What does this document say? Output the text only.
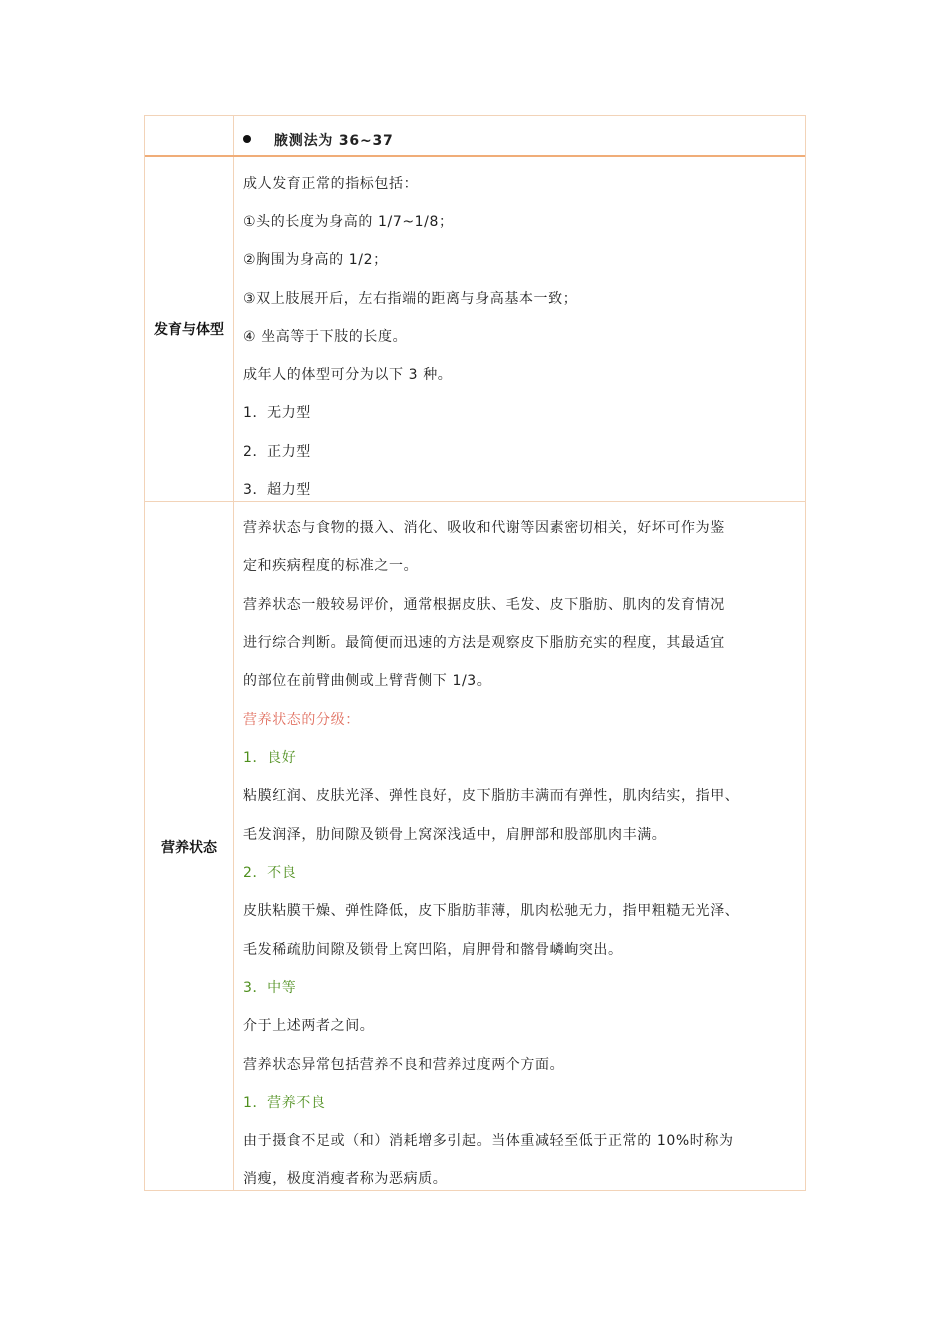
腋测法为 36~37
发育与体型
成人发育正常的指标包括：
①头的长度为身高的 1/7~1/8；
②胸围为身高的 1/2；
③双上肢展开后，左右指端的距离与身高基本一致；
④ 坐高等于下肢的长度。
成年人的体型可分为以下 3 种。
1．无力型
2．正力型
3．超力型
营养状态
营养状态与食物的摄入、消化、吸收和代谢等因素密切相关，好坏可作为鉴
定和疾病程度的标准之一。
营养状态一般较易评价，通常根据皮肤、毛发、皮下脂肪、肌肉的发育情况
进行综合判断。最简便而迅速的方法是观察皮下脂肪充实的程度，其最适宜
的部位在前臂曲侧或上臂背侧下 1/3。
营养状态的分级：
1．良好
粘膜红润、皮肤光泽、弹性良好，皮下脂肪丰满而有弹性，肌肉结实，指甲、
毛发润泽，肋间隙及锁骨上窝深浅适中，肩胛部和股部肌肉丰满。
2．不良
皮肤粘膜干燥、弹性降低，皮下脂肪菲薄，肌肉松驰无力，指甲粗糙无光泽、
毛发稀疏肋间隙及锁骨上窝凹陷，肩胛骨和髂骨嶙峋突出。
3．中等
介于上述两者之间。
营养状态异常包括营养不良和营养过度两个方面。
1．营养不良
由于摄食不足或（和）消耗增多引起。当体重减轻至低于正常的 10%时称为
消瘦，极度消瘦者称为恶病质。
